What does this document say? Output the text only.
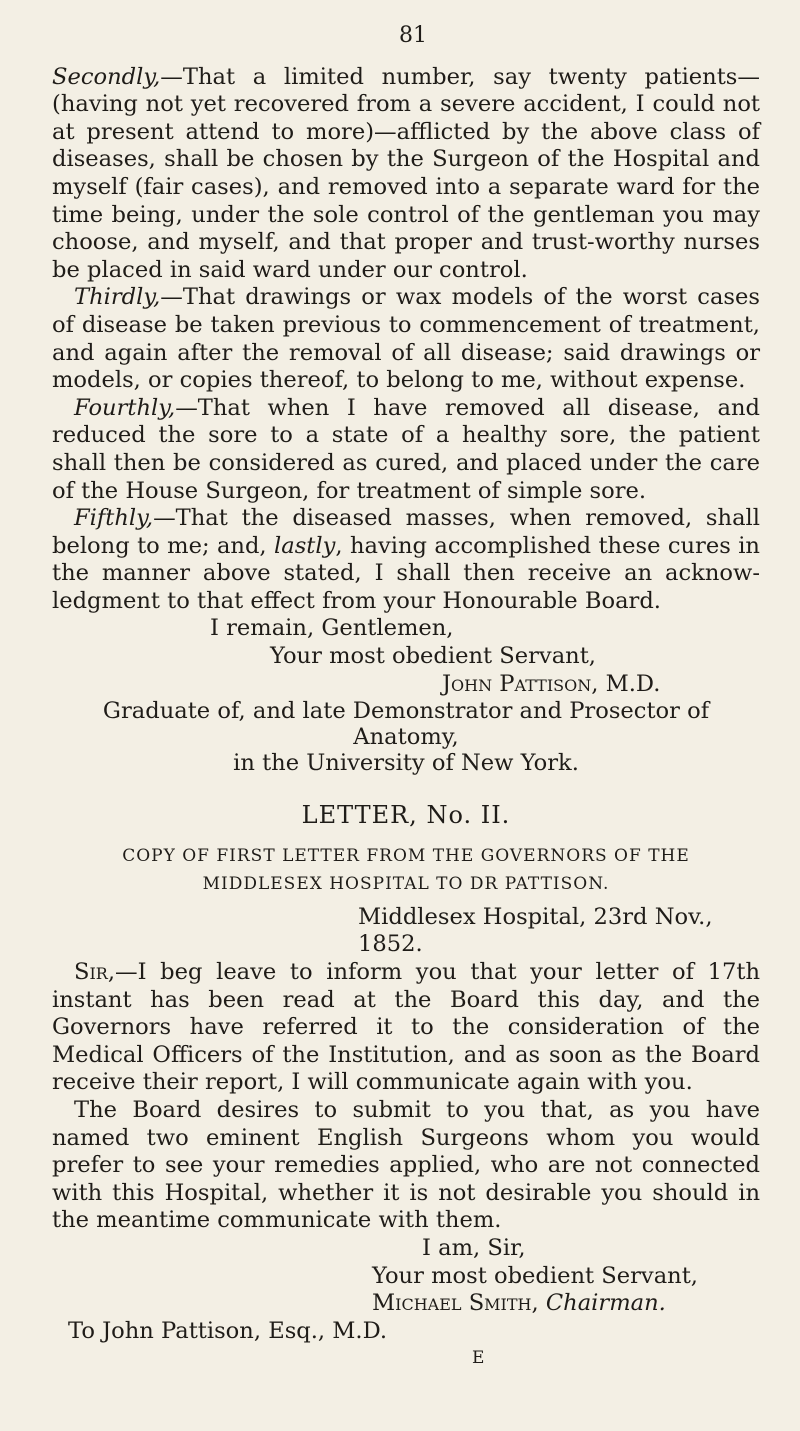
81

Secondly,—That a limited number, say twenty patients—(having not yet recovered from a severe accident, I could not at present attend to more)—afflicted by the above class of diseases, shall be chosen by the Surgeon of the Hospital and myself (fair cases), and removed into a separate ward for the time being, under the sole control of the gentleman you may choose, and myself, and that proper and trust-worthy nurses be placed in said ward under our control.

Thirdly,—That drawings or wax models of the worst cases of disease be taken previous to commencement of treatment, and again after the removal of all disease; said drawings or models, or copies thereof, to belong to me, without expense.

Fourthly,—That when I have removed all disease, and reduced the sore to a state of a healthy sore, the patient shall then be considered as cured, and placed under the care of the House Surgeon, for treatment of simple sore.

Fifthly,—That the diseased masses, when removed, shall belong to me; and, lastly, having accomplished these cures in the manner above stated, I shall then receive an acknow-ledgment to that effect from your Honourable Board.

I remain, Gentlemen,

Your most obedient Servant,

John Pattison, M.D.

Graduate of, and late Demonstrator and Prosector of Anatomy,

in the University of New York.

LETTER, No. II.

COPY OF FIRST LETTER FROM THE GOVERNORS OF THE
MIDDLESEX HOSPITAL TO DR PATTISON.

Middlesex Hospital, 23rd Nov., 1852.

Sir,—I beg leave to inform you that your letter of 17th instant has been read at the Board this day, and the Governors have referred it to the consideration of the Medical Officers of the Institution, and as soon as the Board receive their report, I will communicate again with you.

The Board desires to submit to you that, as you have named two eminent English Surgeons whom you would prefer to see your remedies applied, who are not connected with this Hospital, whether it is not desirable you should in the meantime communicate with them.

I am, Sir,

Your most obedient Servant,

Michael Smith, Chairman.

To John Pattison, Esq., M.D.

E
